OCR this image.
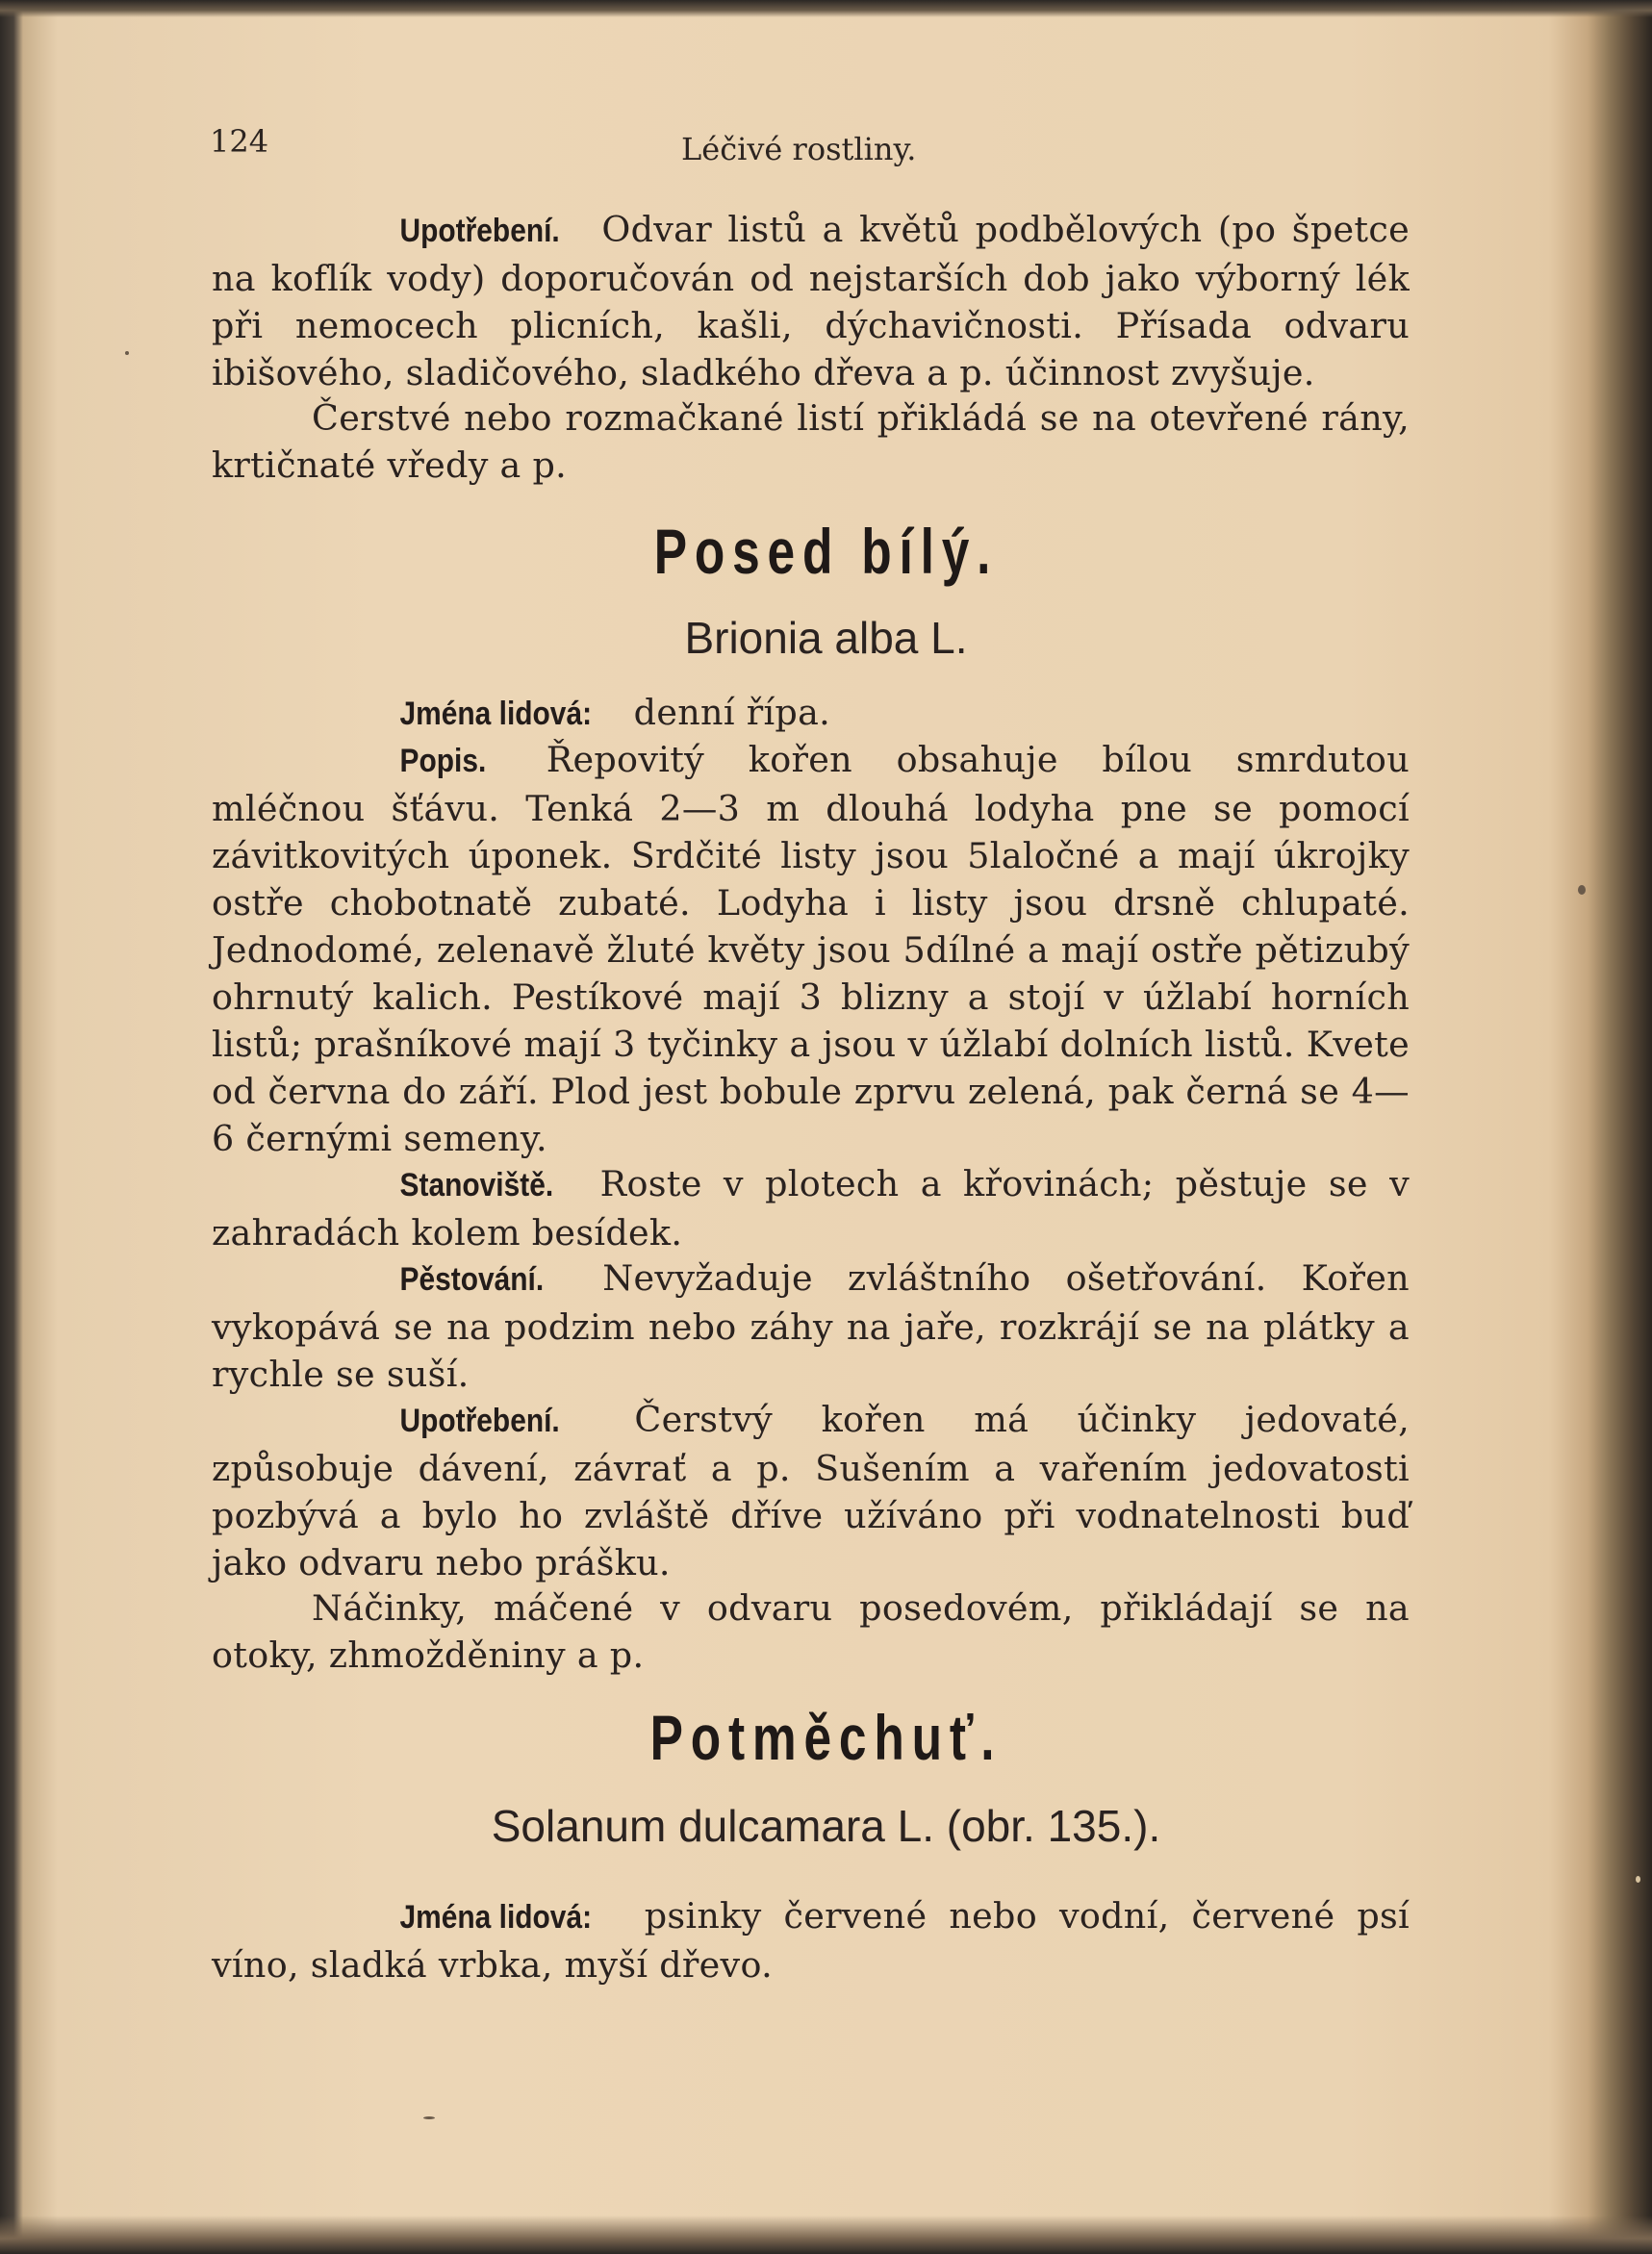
124	Léčivé rostliny.

Upotřebení. Odvar listů a květů podbělových (po špetce na koflík vody) doporučován od nejstarších dob jako výborný lék při nemocech plicních, kašli, dýchavičnosti. Přísada odvaru ibišového, sladičového, sladkého dřeva a p. účinnost zvyšuje.

Čerstvé nebo rozmačkané listí přikládá se na otevřené rány, krtičnaté vředy a p.

Posed bílý.
Brionia alba L.

Jména lidová: denní řípa.

Popis. Řepovitý kořen obsahuje bílou smrdutou mléčnou šťávu. Tenká 2—3 m dlouhá lodyha pne se pomocí závitkovitých úponek. Srdčité listy jsou 5laločné a mají úkrojky ostře chobotnatě zubaté. Lodyha i listy jsou drsně chlupaté. Jednodomé, zelenavě žluté květy jsou 5dílné a mají ostře pětizubý ohrnutý kalich. Pestíkové mají 3 blizny a stojí v úžlabí horních listů; prašníkové mají 3 tyčinky a jsou v úžlabí dolních listů. Kvete od června do září. Plod jest bobule zprvu zelená, pak černá se 4—6 černými semeny.

Stanoviště. Roste v plotech a křovinách; pěstuje se v zahradách kolem besídek.

Pěstování. Nevyžaduje zvláštního ošetřování. Kořen vykopává se na podzim nebo záhy na jaře, rozkrájí se na plátky a rychle se suší.

Upotřebení. Čerstvý kořen má účinky jedovaté, způsobuje dávení, závrať a p. Sušením a vařením jedovatosti pozbývá a bylo ho zvláště dříve užíváno při vodnatelnosti buď jako odvaru nebo prášku.

Náčinky, máčené v odvaru posedovém, přikládají se na otoky, zhmožděniny a p.

Potměchuť.
Solanum dulcamara L. (obr. 135.).

Jména lidová: psinky červené nebo vodní, červené psí víno, sladká vrbka, myší dřevo.
